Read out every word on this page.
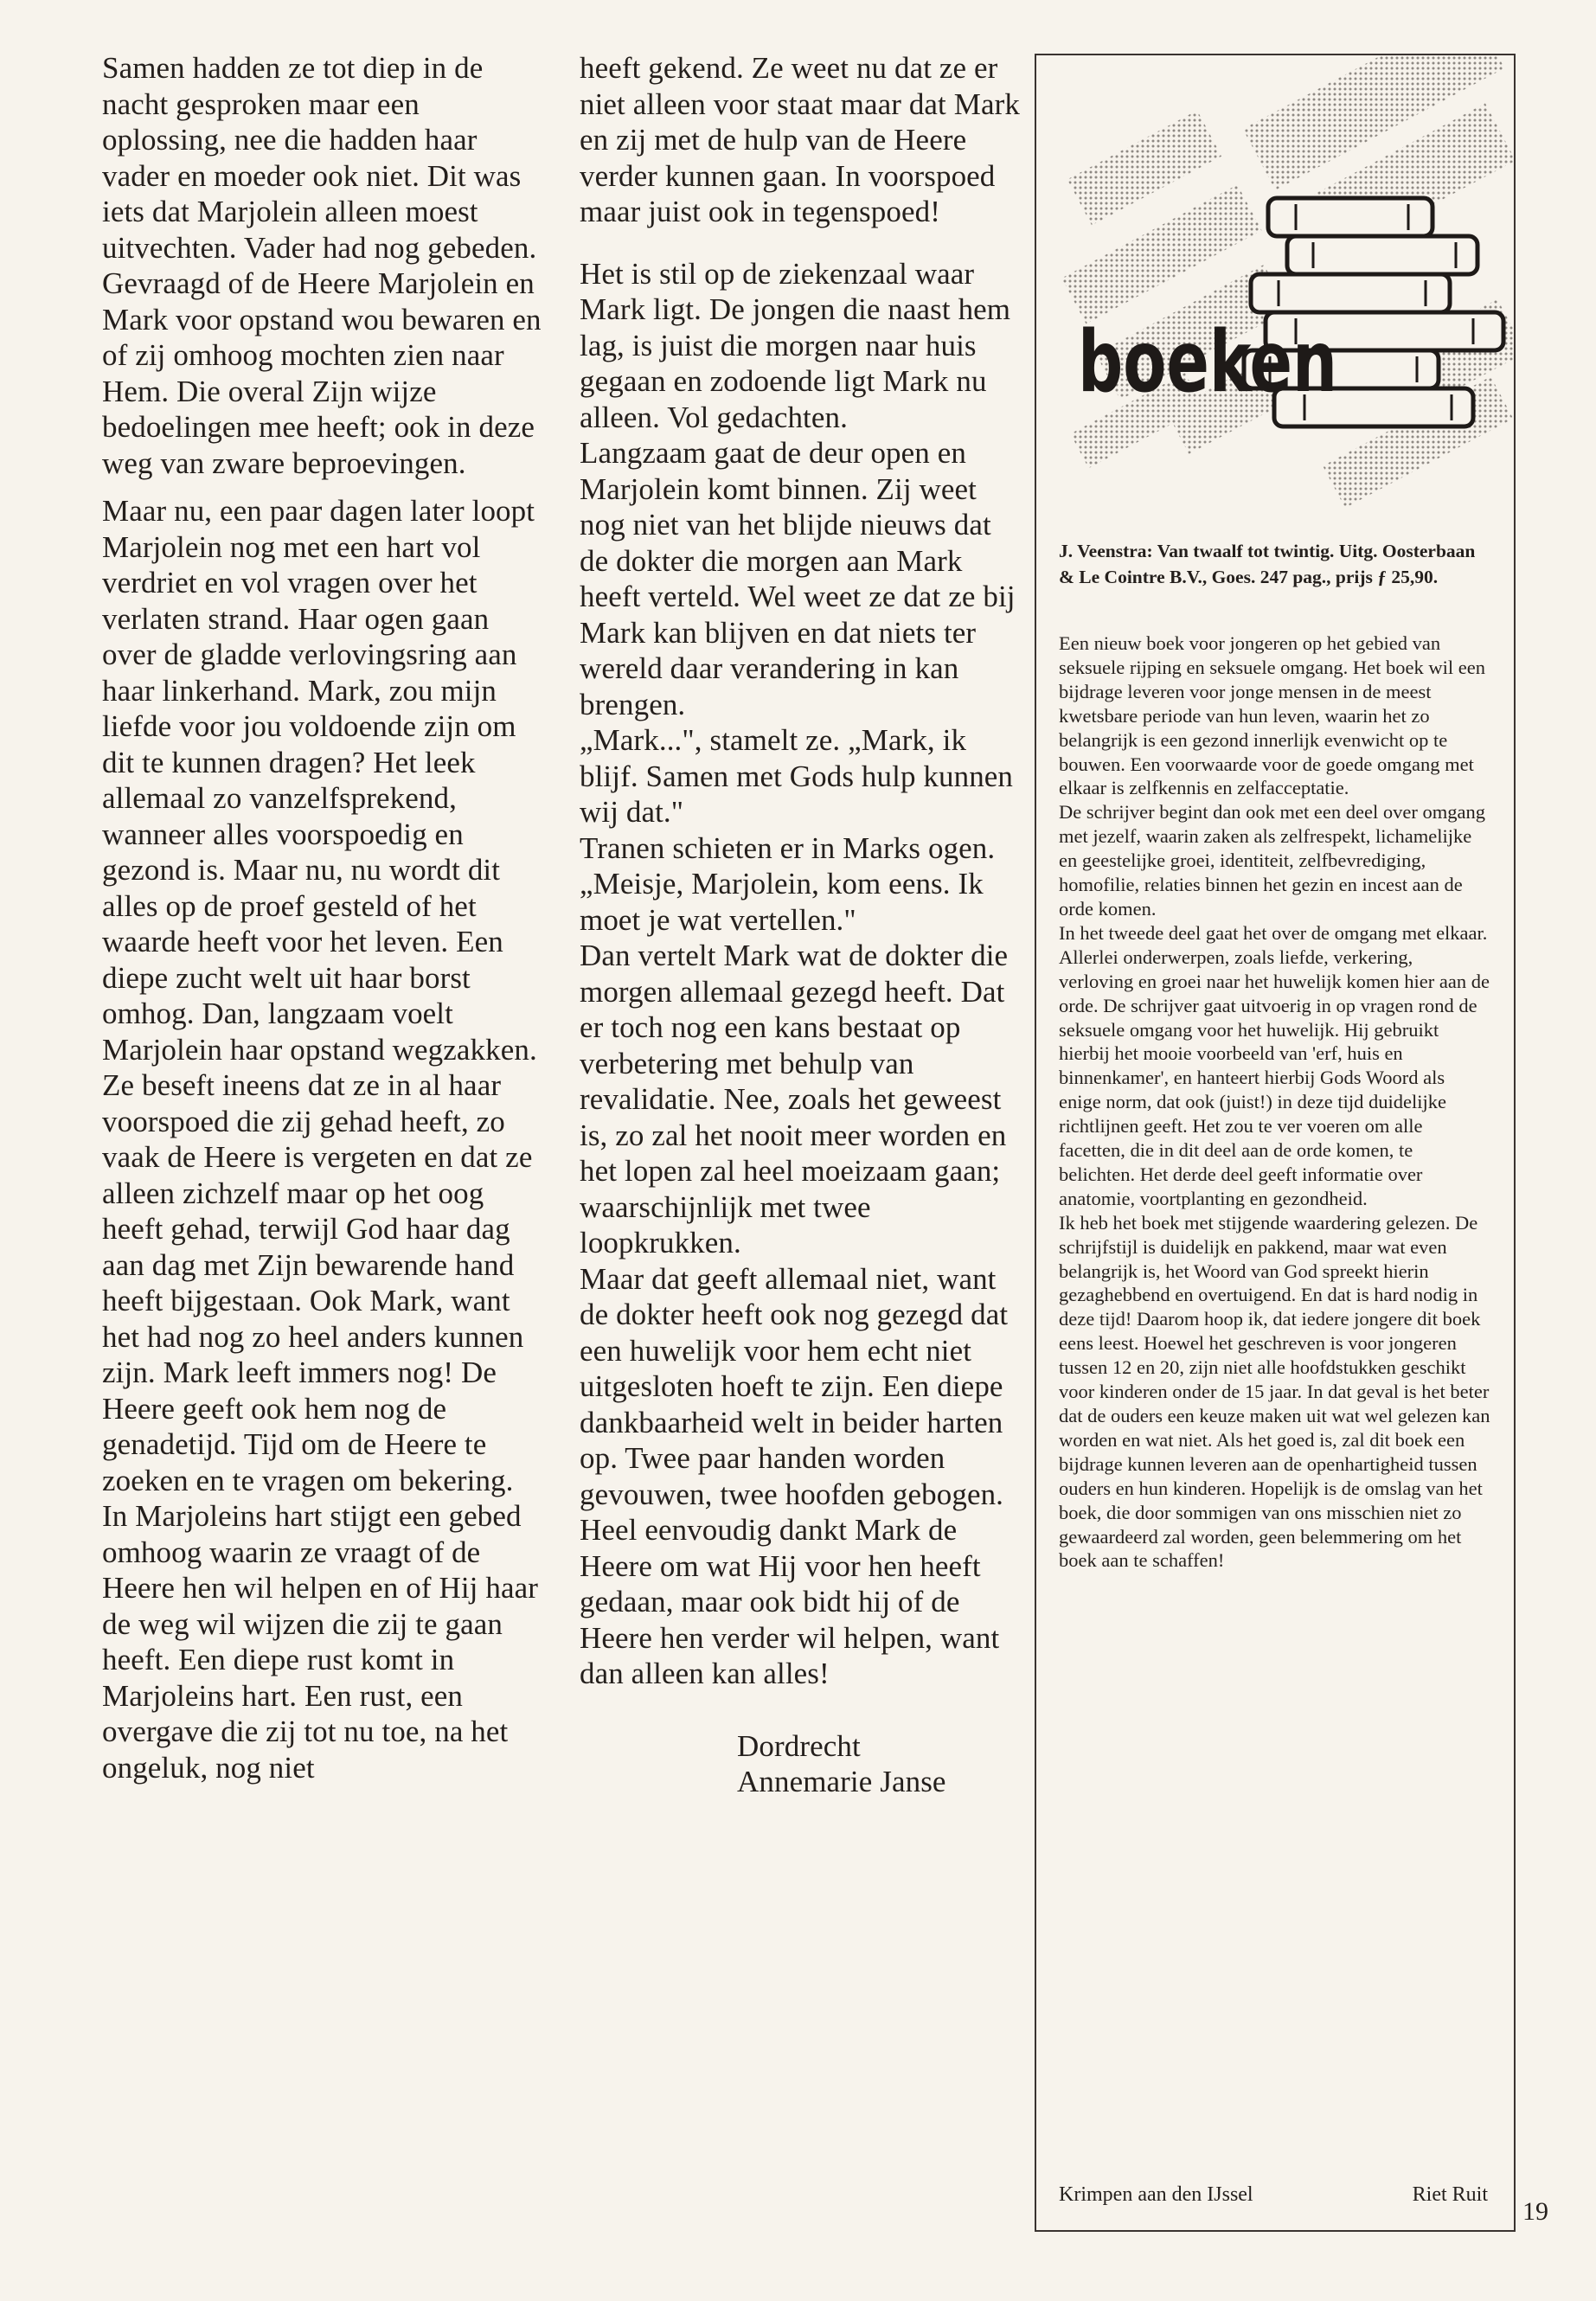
Samen hadden ze tot diep in de nacht gesproken maar een oplossing, nee die hadden haar vader en moeder ook niet. Dit was iets dat Marjolein alleen moest uitvechten. Vader had nog gebeden. Gevraagd of de Heere Marjolein en Mark voor opstand wou bewaren en of zij omhoog mochten zien naar Hem. Die overal Zijn wijze bedoelingen mee heeft; ook in deze weg van zware beproevingen.

Maar nu, een paar dagen later loopt Marjolein nog met een hart vol verdriet en vol vragen over het verlaten strand. Haar ogen gaan over de gladde verlovingsring aan haar linkerhand. Mark, zou mijn liefde voor jou voldoende zijn om dit te kunnen dragen? Het leek allemaal zo vanzelfsprekend, wanneer alles voorspoedig en gezond is. Maar nu, nu wordt dit alles op de proef gesteld of het waarde heeft voor het leven. Een diepe zucht welt uit haar borst omhog. Dan, langzaam voelt Marjolein haar opstand wegzakken. Ze beseft ineens dat ze in al haar voorspoed die zij gehad heeft, zo vaak de Heere is vergeten en dat ze alleen zichzelf maar op het oog heeft gehad, terwijl God haar dag aan dag met Zijn bewarende hand heeft bijgestaan. Ook Mark, want het had nog zo heel anders kunnen zijn. Mark leeft immers nog! De Heere geeft ook hem nog de genadetijd. Tijd om de Heere te zoeken en te vragen om bekering. In Marjoleins hart stijgt een gebed omhoog waarin ze vraagt of de Heere hen wil helpen en of Hij haar de weg wil wijzen die zij te gaan heeft. Een diepe rust komt in Marjoleins hart. Een rust, een overgave die zij tot nu toe, na het ongeluk, nog niet

heeft gekend. Ze weet nu dat ze er niet alleen voor staat maar dat Mark en zij met de hulp van de Heere verder kunnen gaan. In voorspoed maar juist ook in tegenspoed!

Het is stil op de ziekenzaal waar Mark ligt. De jongen die naast hem lag, is juist die morgen naar huis gegaan en zodoende ligt Mark nu alleen. Vol gedachten.

Langzaam gaat de deur open en Marjolein komt binnen. Zij weet nog niet van het blijde nieuws dat de dokter die morgen aan Mark heeft verteld. Wel weet ze dat ze bij Mark kan blijven en dat niets ter wereld daar verandering in kan brengen.

„Mark...", stamelt ze. „Mark, ik blijf. Samen met Gods hulp kunnen wij dat."

Tranen schieten er in Marks ogen. „Meisje, Marjolein, kom eens. Ik moet je wat vertellen."

Dan vertelt Mark wat de dokter die morgen allemaal gezegd heeft. Dat er toch nog een kans bestaat op verbetering met behulp van revalidatie. Nee, zoals het geweest is, zo zal het nooit meer worden en het lopen zal heel moeizaam gaan; waarschijnlijk met twee loopkrukken.

Maar dat geeft allemaal niet, want de dokter heeft ook nog gezegd dat een huwelijk voor hem echt niet uitgesloten hoeft te zijn. Een diepe dankbaarheid welt in beider harten op. Twee paar handen worden gevouwen, twee hoofden gebogen.

Heel eenvoudig dankt Mark de Heere om wat Hij voor hen heeft gedaan, maar ook bidt hij of de Heere hen verder wil helpen, want dan alleen kan alles!

Dordrecht
Annemarie Janse
boeken
J. Veenstra: Van twaalf tot twintig. Uitg. Oosterbaan & Le Cointre B.V., Goes. 247 pag., prijs ƒ 25,90.

Een nieuw boek voor jongeren op het gebied van seksuele rijping en seksuele omgang. Het boek wil een bijdrage leveren voor jonge mensen in de meest kwetsbare periode van hun leven, waarin het zo belangrijk is een gezond innerlijk evenwicht op te bouwen. Een voorwaarde voor de goede omgang met elkaar is zelfkennis en zelfacceptatie.

De schrijver begint dan ook met een deel over omgang met jezelf, waarin zaken als zelfrespekt, lichamelijke en geestelijke groei, identiteit, zelfbevrediging, homofilie, relaties binnen het gezin en incest aan de orde komen.

In het tweede deel gaat het over de omgang met elkaar. Allerlei onderwerpen, zoals liefde, verkering, verloving en groei naar het huwelijk komen hier aan de orde. De schrijver gaat uitvoerig in op vragen rond de seksuele omgang voor het huwelijk. Hij gebruikt hierbij het mooie voorbeeld van 'erf, huis en binnenkamer', en hanteert hierbij Gods Woord als enige norm, dat ook (juist!) in deze tijd duidelijke richtlijnen geeft. Het zou te ver voeren om alle facetten, die in dit deel aan de orde komen, te belichten. Het derde deel geeft informatie over anatomie, voortplanting en gezondheid.

Ik heb het boek met stijgende waardering gelezen. De schrijfstijl is duidelijk en pakkend, maar wat even belangrijk is, het Woord van God spreekt hierin gezaghebbend en overtuigend. En dat is hard nodig in deze tijd! Daarom hoop ik, dat iedere jongere dit boek eens leest. Hoewel het geschreven is voor jongeren tussen 12 en 20, zijn niet alle hoofdstukken geschikt voor kinderen onder de 15 jaar. In dat geval is het beter dat de ouders een keuze maken uit wat wel gelezen kan worden en wat niet. Als het goed is, zal dit boek een bijdrage kunnen leveren aan de openhartigheid tussen ouders en hun kinderen. Hopelijk is de omslag van het boek, die door sommigen van ons misschien niet zo gewaardeerd zal worden, geen belemmering om het boek aan te schaffen!

Krimpen aan den IJssel	Riet Ruit
19
